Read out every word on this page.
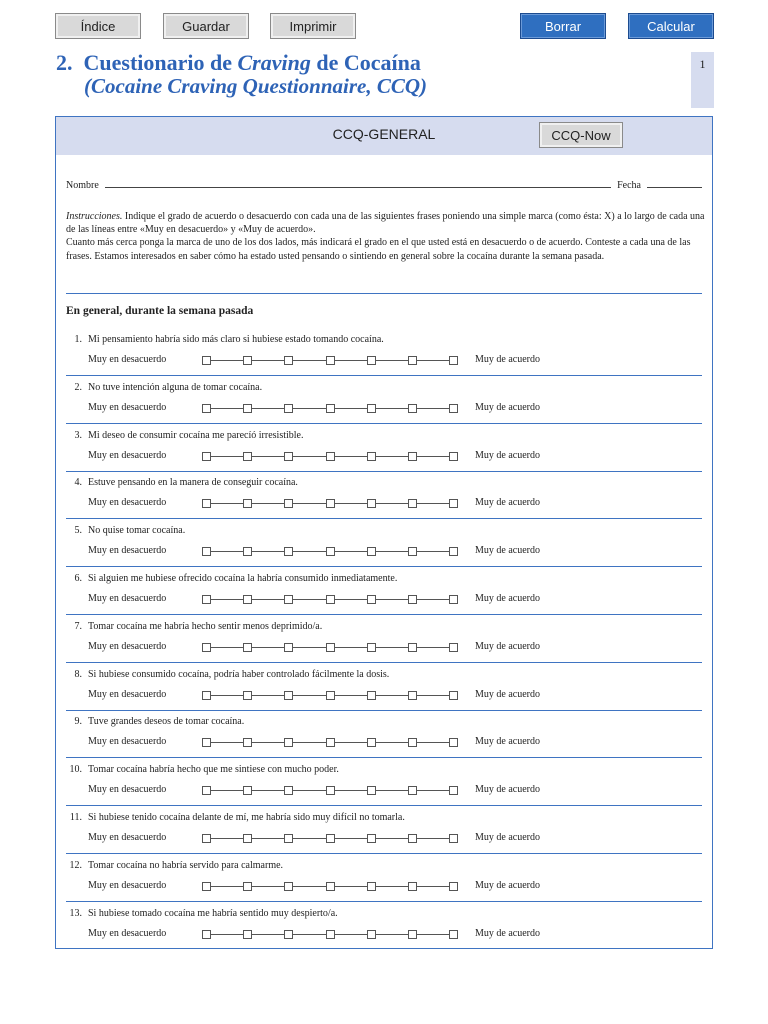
Índice	Guardar	Imprimir	Borrar	Calcular
2. Cuestionario de Craving de Cocaína
(Cocaine Craving Questionnaire, CCQ)
1
CCQ-GENERAL	CCQ-Now
Nombre	Fecha

Instrucciones. Indique el grado de acuerdo o desacuerdo con cada una de las siguientes frases poniendo una simple marca (como ésta: X) a lo largo de cada una de las líneas entre «Muy en desacuerdo» y «Muy de acuerdo».

Cuanto más cerca ponga la marca de uno de los dos lados, más indicará el grado en el que usted está en desacuerdo o de acuerdo. Conteste a cada una de las frases. Estamos interesados en saber cómo ha estado usted pensando o sintiendo en general sobre la cocaína durante la semana pasada.

En general, durante la semana pasada
1. Mi pensamiento habría sido más claro si hubiese estado tomando cocaína.
Muy en desacuerdo	Muy de acuerdo
2. No tuve intención alguna de tomar cocaína.
Muy en desacuerdo	Muy de acuerdo
3. Mi deseo de consumir cocaína me parecíó irresistible.
Muy en desacuerdo	Muy de acuerdo
4. Estuve pensando en la manera de conseguir cocaína.
Muy en desacuerdo	Muy de acuerdo
5. No quise tomar cocaína.
Muy en desacuerdo	Muy de acuerdo
6. Si alguien me hubiese ofrecido cocaína la habría consumido inmediatamente.
Muy en desacuerdo	Muy de acuerdo
7. Tomar cocaína me habría hecho sentir menos deprimido/a.
Muy en desacuerdo	Muy de acuerdo
8. Si hubiese consumido cocaína, podría haber controlado fácilmente la dosis.
Muy en desacuerdo	Muy de acuerdo
9. Tuve grandes deseos de tomar cocaína.
Muy en desacuerdo	Muy de acuerdo
10. Tomar cocaína habría hecho que me sintiese con mucho poder.
Muy en desacuerdo	Muy de acuerdo
11. Si hubiese tenido cocaína delante de mí, me habría sido muy difícil no tomarla.
Muy en desacuerdo	Muy de acuerdo
12. Tomar cocaína no habría servido para calmarme.
Muy en desacuerdo	Muy de acuerdo
13. Si hubiese tomado cocaína me habría sentido muy despierto/a.
Muy en desacuerdo	Muy de acuerdo
